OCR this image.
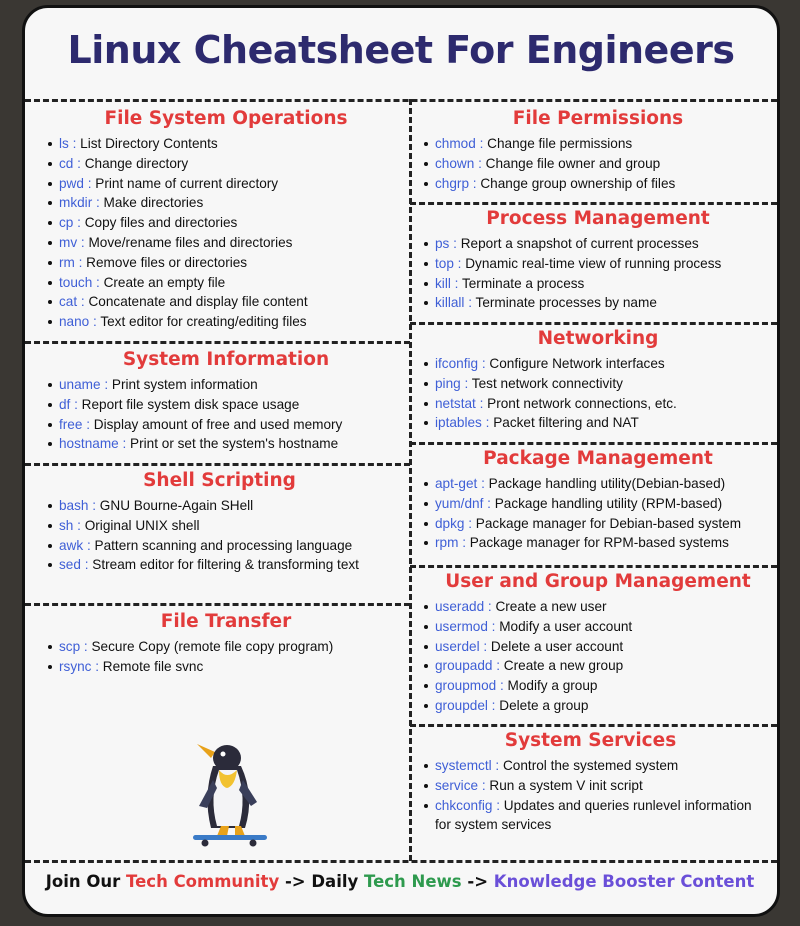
Linux Cheatsheet For Engineers
File System Operations
ls : List Directory Contents
cd : Change directory
pwd : Print name of current directory
mkdir : Make directories
cp : Copy files and directories
mv : Move/rename files and directories
rm : Remove files or directories
touch : Create an empty file
cat : Concatenate and display file content
nano : Text editor for creating/editing files
System Information
uname : Print system information
df : Report file system disk space usage
free : Display amount of free and used memory
hostname : Print or set the system's hostname
Shell Scripting
bash : GNU Bourne-Again SHell
sh : Original UNIX shell
awk : Pattern scanning and processing language
sed : Stream editor for filtering & transforming text
File Transfer
scp : Secure Copy (remote file copy program)
rsync : Remote file svnc
File Permissions
chmod : Change file permissions
chown : Change file owner and group
chgrp : Change group ownership of files
Process Management
ps : Report a snapshot of current processes
top : Dynamic real-time view of running process
kill : Terminate a process
killall : Terminate processes by name
Networking
ifconfig : Configure Network interfaces
ping : Test network connectivity
netstat : Pront network connections, etc.
iptables : Packet filtering and NAT
Package Management
apt-get : Package handling utility(Debian-based)
yum/dnf : Package handling utility (RPM-based)
dpkg : Package manager for Debian-based system
rpm : Package manager for RPM-based systems
User and Group Management
useradd : Create a new user
usermod : Modify a user account
userdel : Delete a user account
groupadd : Create a new group
groupmod : Modify a group
groupdel : Delete a group
System Services
systemctl : Control the systemed system
service : Run a system V init script
chkconfig : Updates and queries runlevel information for system services
Join Our Tech Community -> Daily Tech News -> Knowledge Booster Content
